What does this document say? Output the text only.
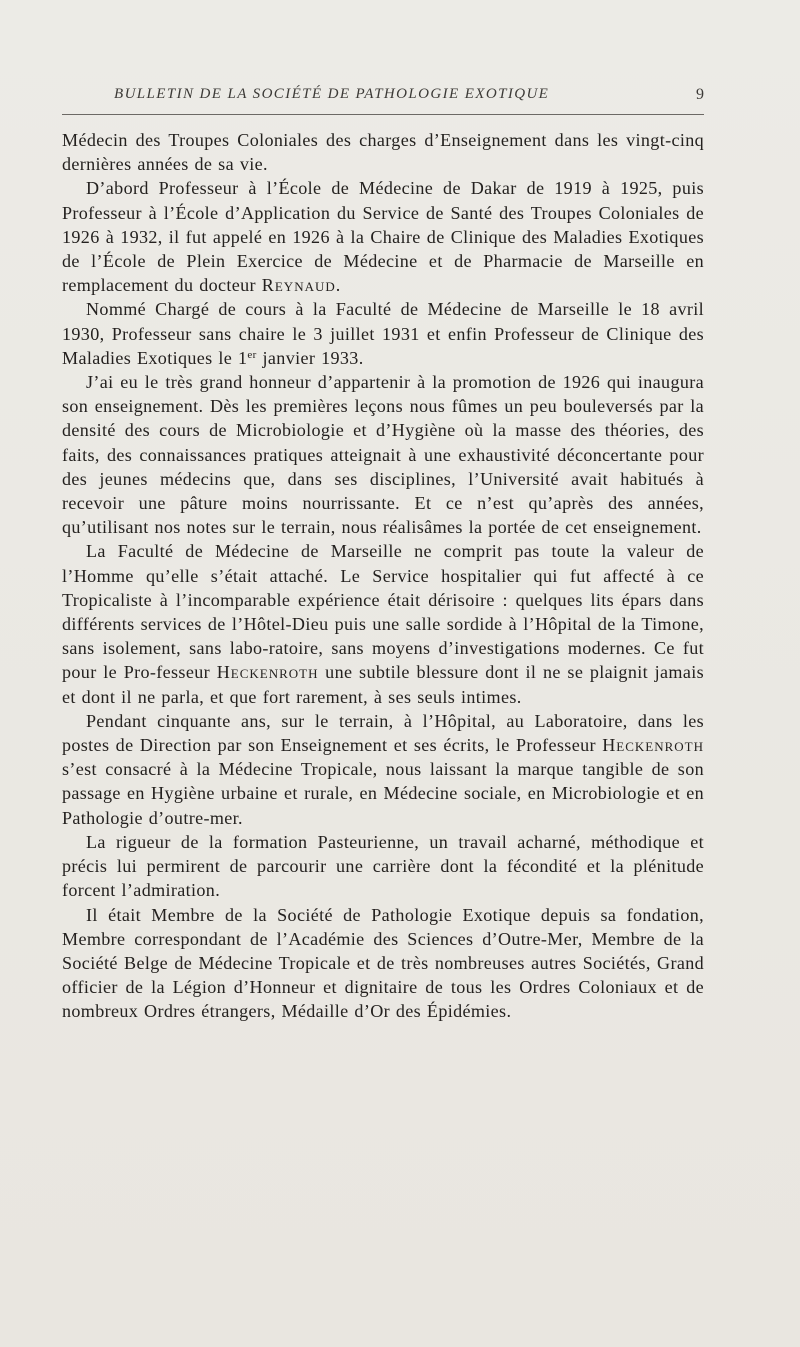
BULLETIN DE LA SOCIÉTÉ DE PATHOLOGIE EXOTIQUE	9

Médecin des Troupes Coloniales des charges d’Enseignement dans les vingt-cinq dernières années de sa vie.

D’abord Professeur à l’École de Médecine de Dakar de 1919 à 1925, puis Professeur à l’École d’Application du Service de Santé des Troupes Coloniales de 1926 à 1932, il fut appelé en 1926 à la Chaire de Clinique des Maladies Exotiques de l’École de Plein Exercice de Médecine et de Pharmacie de Marseille en remplacement du docteur Reynaud.

Nommé Chargé de cours à la Faculté de Médecine de Marseille le 18 avril 1930, Professeur sans chaire le 3 juillet 1931 et enfin Professeur de Clinique des Maladies Exotiques le 1er janvier 1933.

J’ai eu le très grand honneur d’appartenir à la promotion de 1926 qui inaugura son enseignement. Dès les premières leçons nous fûmes un peu bouleversés par la densité des cours de Microbiologie et d’Hygiène où la masse des théories, des faits, des connaissances pratiques atteignait à une exhaustivité déconcertante pour des jeunes médecins que, dans ses disciplines, l’Université avait habitués à recevoir une pâture moins nourrissante. Et ce n’est qu’après des années, qu’utilisant nos notes sur le terrain, nous réalisâmes la portée de cet enseignement.

La Faculté de Médecine de Marseille ne comprit pas toute la valeur de l’Homme qu’elle s’était attaché. Le Service hospitalier qui fut affecté à ce Tropicaliste à l’incomparable expérience était dérisoire : quelques lits épars dans différents services de l’Hôtel-Dieu puis une salle sordide à l’Hôpital de la Timone, sans isolement, sans labo-ratoire, sans moyens d’investigations modernes. Ce fut pour le Pro-fesseur Heckenroth une subtile blessure dont il ne se plaignit jamais et dont il ne parla, et que fort rarement, à ses seuls intimes.

Pendant cinquante ans, sur le terrain, à l’Hôpital, au Laboratoire, dans les postes de Direction par son Enseignement et ses écrits, le Professeur Heckenroth s’est consacré à la Médecine Tropicale, nous laissant la marque tangible de son passage en Hygiène urbaine et rurale, en Médecine sociale, en Microbiologie et en Pathologie d’outre-mer.

La rigueur de la formation Pasteurienne, un travail acharné, méthodique et précis lui permirent de parcourir une carrière dont la fécondité et la plénitude forcent l’admiration.

Il était Membre de la Société de Pathologie Exotique depuis sa fondation, Membre correspondant de l’Académie des Sciences d’Outre-Mer, Membre de la Société Belge de Médecine Tropicale et de très nombreuses autres Sociétés, Grand officier de la Légion d’Honneur et dignitaire de tous les Ordres Coloniaux et de nombreux Ordres étrangers, Médaille d’Or des Épidémies.
